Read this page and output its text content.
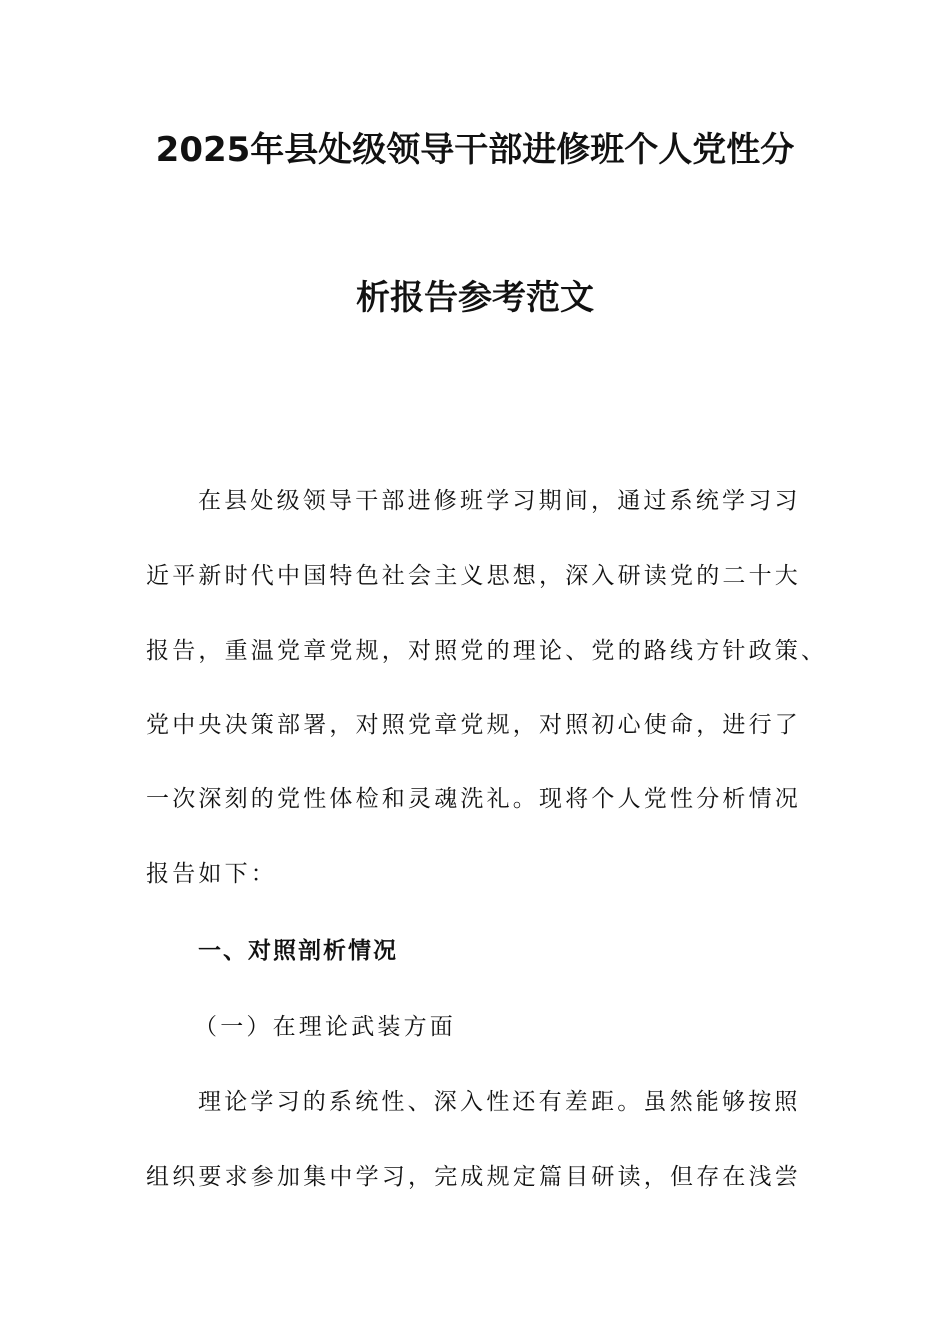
2025年县处级领导干部进修班个人党性分
析报告参考范文
在县处级领导干部进修班学习期间，通过系统学习习
近平新时代中国特色社会主义思想，深入研读党的二十大
报告，重温党章党规，对照党的理论、党的路线方针政策、
党中央决策部署，对照党章党规，对照初心使命，进行了
一次深刻的党性体检和灵魂洗礼。现将个人党性分析情况
报告如下：
一、对照剖析情况
（一）在理论武装方面
理论学习的系统性、深入性还有差距。虽然能够按照
组织要求参加集中学习，完成规定篇目研读，但存在浅尝
